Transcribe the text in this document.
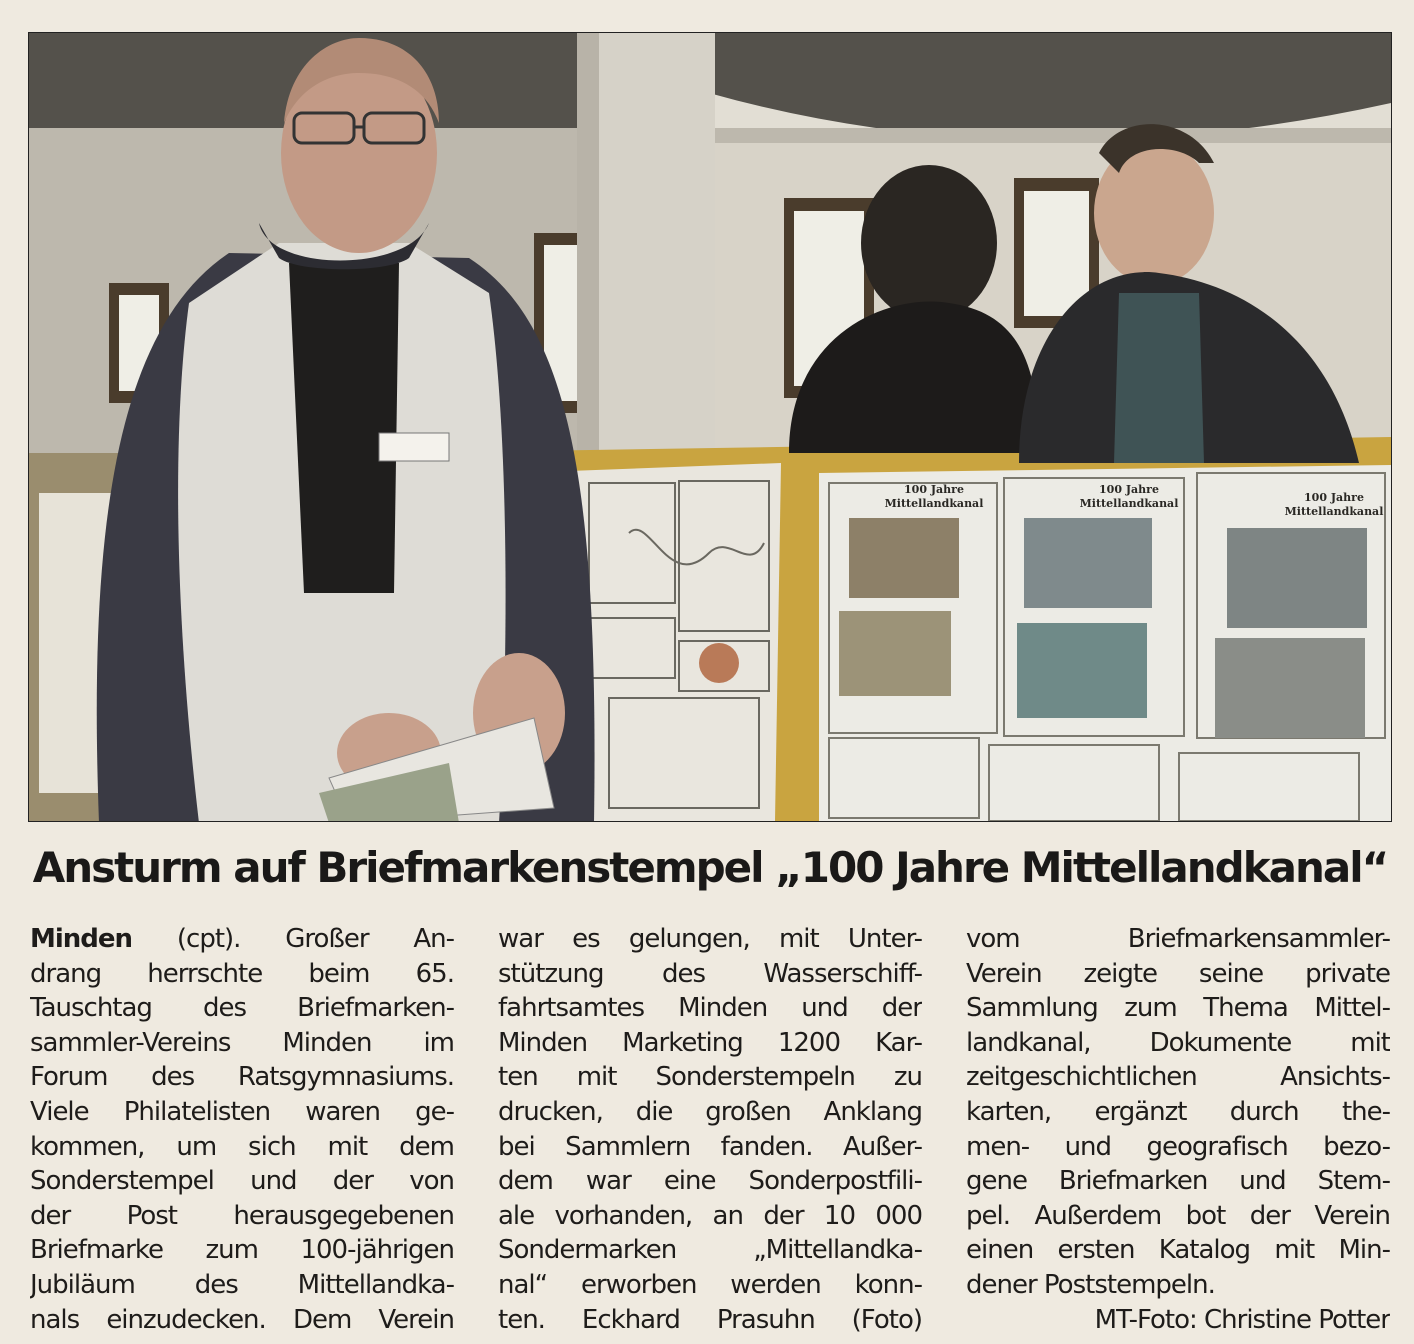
100 Jahre
Mittellandkanal
100 Jahre
Mittellandkanal	100 Jahre
Mittellandkanal
Ansturm auf Briefmarkenstempel „100 Jahre Mittellandkanal“
Minden (cpt). Großer An-
drang herrschte beim 65.
Tauschtag des Briefmarken-
sammler-Vereins Minden im
Forum des Ratsgymnasiums.
Viele Philatelisten waren ge-
kommen, um sich mit dem
Sonderstempel und der von
der Post herausgegebenen
Briefmarke zum 100-jährigen
Jubiläum des Mittellandka-
nals einzudecken. Dem Verein
war es gelungen, mit Unter-
stützung des Wasserschiff-
fahrtsamtes Minden und der
Minden Marketing 1200 Kar-
ten mit Sonderstempeln zu
drucken, die großen Anklang
bei Sammlern fanden. Außer-
dem war eine Sonderpostfili-
ale vorhanden, an der 10 000
Sondermarken „Mittellandka-
nal“ erworben werden konn-
ten. Eckhard Prasuhn (Foto)
vom Briefmarkensammler-
Verein zeigte seine private
Sammlung zum Thema Mittel-
landkanal, Dokumente mit
zeitgeschichtlichen Ansichts-
karten, ergänzt durch the-
men- und geografisch bezo-
gene Briefmarken und Stem-
pel. Außerdem bot der Verein
einen ersten Katalog mit Min-
dener Poststempeln.
MT-Foto: Christine Potter
